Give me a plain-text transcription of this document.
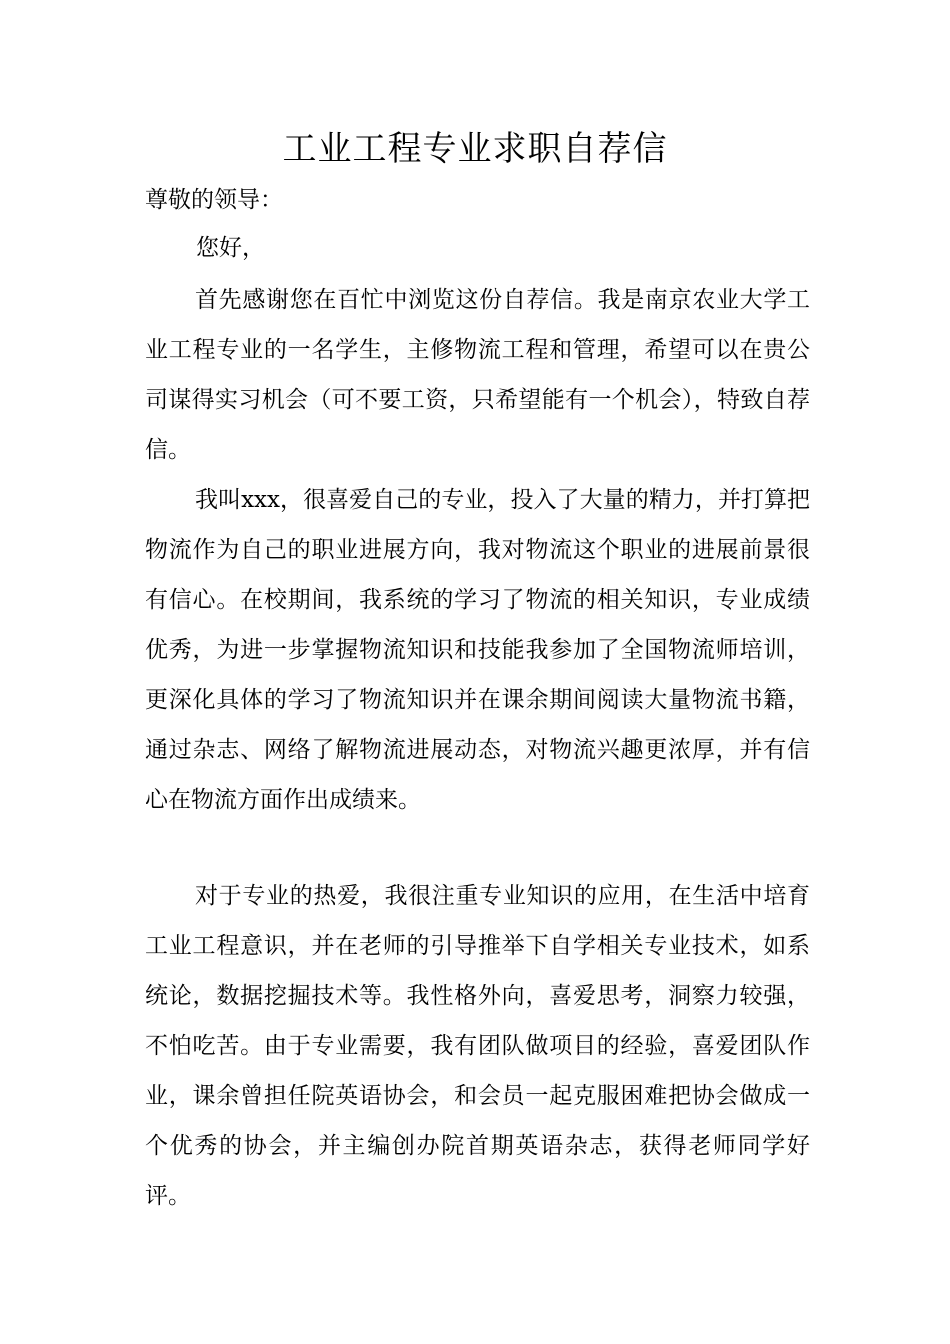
工业工程专业求职自荐信

尊敬的领导：

您好，

首先感谢您在百忙中浏览这份自荐信。我是南京农业大学工业工程专业的一名学生，主修物流工程和管理，希望可以在贵公司谋得实习机会（可不要工资，只希望能有一个机会），特致自荐信。

我叫xxx，很喜爱自己的专业，投入了大量的精力，并打算把物流作为自己的职业进展方向，我对物流这个职业的进展前景很有信心。在校期间，我系统的学习了物流的相关知识，专业成绩优秀，为进一步掌握物流知识和技能我参加了全国物流师培训，更深化具体的学习了物流知识并在课余期间阅读大量物流书籍，通过杂志、网络了解物流进展动态，对物流兴趣更浓厚，并有信心在物流方面作出成绩来。

对于专业的热爱，我很注重专业知识的应用，在生活中培育工业工程意识，并在老师的引导推举下自学相关专业技术，如系统论，数据挖掘技术等。我性格外向，喜爱思考，洞察力较强，不怕吃苦。由于专业需要，我有团队做项目的经验，喜爱团队作业，课余曾担任院英语协会，和会员一起克服困难把协会做成一个优秀的协会，并主编创办院首期英语杂志，获得老师同学好评。
